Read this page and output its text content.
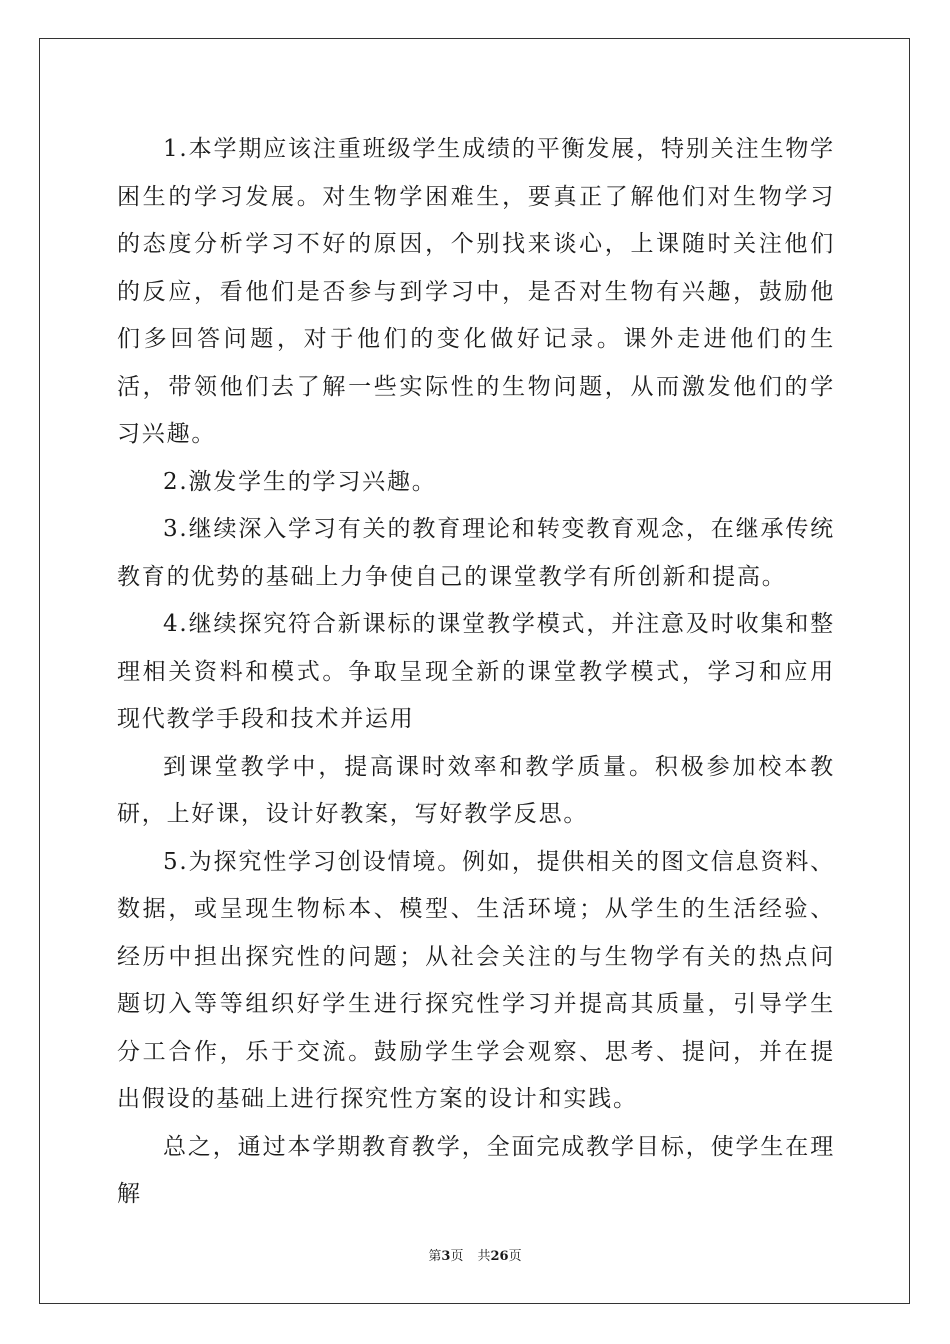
1.本学期应该注重班级学生成绩的平衡发展，特别关注生物学困生的学习发展。对生物学困难生，要真正了解他们对生物学习的态度分析学习不好的原因，个别找来谈心，上课随时关注他们的反应，看他们是否参与到学习中，是否对生物有兴趣，鼓励他们多回答问题，对于他们的变化做好记录。课外走进他们的生活，带领他们去了解一些实际性的生物问题，从而激发他们的学习兴趣。

2.激发学生的学习兴趣。

3.继续深入学习有关的教育理论和转变教育观念，在继承传统教育的优势的基础上力争使自己的课堂教学有所创新和提高。

4.继续探究符合新课标的课堂教学模式，并注意及时收集和整理相关资料和模式。争取呈现全新的课堂教学模式，学习和应用现代教学手段和技术并运用

到课堂教学中，提高课时效率和教学质量。积极参加校本教研，上好课，设计好教案，写好教学反思。

5.为探究性学习创设情境。例如，提供相关的图文信息资料、数据，或呈现生物标本、模型、生活环境；从学生的生活经验、经历中担出探究性的问题；从社会关注的与生物学有关的热点问题切入等等组织好学生进行探究性学习并提高其质量，引导学生分工合作，乐于交流。鼓励学生学会观察、思考、提问，并在提出假设的基础上进行探究性方案的设计和实践。

总之，通过本学期教育教学，全面完成教学目标，使学生在理解

第3页 共26页
